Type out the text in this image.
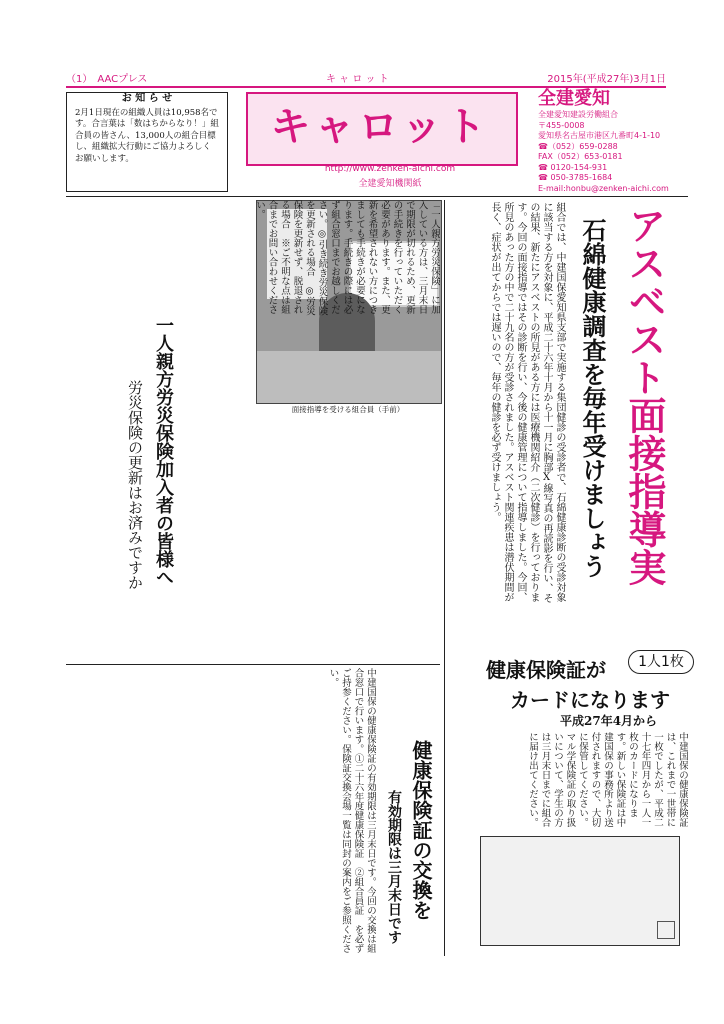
（1）　AACプレス	キ ャ ロ ッ ト	2015年(平成27年)3月1日
お 知 ら せ
2月1日現在の組織人員は10,958名です。合言葉は「数はちからなり！」組合員の皆さん、13,000人の組合目標し、組織拡大行動にご協力よろしくお願いします。
キャロット
http://www.zenken-aichi.com
全建愛知機関紙
全建愛知
全建愛知建設労働組合
〒455-0008
愛知県名古屋市港区九番町4-1-10
☎（052）659-0288
FAX（052）653-0181
☎ 0120-154-931
☎ 050-3785-1684
E-mail:honbu@zenken-aichi.com
アスベスト面接指導実
石綿健康調査を毎年受けましょう
組合では、中建国保愛知県支部で実施する集団健診の受診者で、石綿健康診断の受診対象に該当する方を対象に、平成二十六年十月から十一月に胸部X線写真の再読影を行い、その結果、新たにアスベストの所見がある方には医療機関紹介（二次健診）を行っております。今回の面接指導ではその診断を行い、今後の健康管理について指導しました。今回、所見のあった方の中で二十九名の方が受診されました。アスベスト関連疾患は潜伏期間が長く、症状が出てからでは遅いので、毎年の健診を必ず受けましょう。
面接指導を受ける組合員（手前）
一人親方労災保険加入者の皆様へ
労災保険の更新はお済みですか
「一人親方労災保険」に加入している方は、三月末日で期限が切れるため、更新の手続きを行っていただく必要があります。また、更新を希望されない方につきましても手続きが必要になります。手続きの際には必ず組合窓口までお越しください。◎引き続き労災保険を更新される場合　◎労災保険を更新せず、脱退される場合　※ご不明な点は組合までお問い合わせください。
健康保険証が	1人1枚
カードになります
平成27年4月から
中建国保の健康保険証は、これまで一世帯に一枚でしたが、平成二十七年四月から一人一枚のカードになります。新しい保険証は中建国保の事務所より送付されますので、大切に保管してください。マル学保険証の取り扱いについて、学生の方は三月末日までに組合に届け出てください。
健康保険証の交換を
有効期限は三月末日です
中建国保の健康保険証の有効期限は三月末日です。今回の交換は組合窓口で行います。①二十六年度健康保険証　②組合員証　を必ずご持参ください。保険証交換会場一覧は同封の案内をご参照ください。
